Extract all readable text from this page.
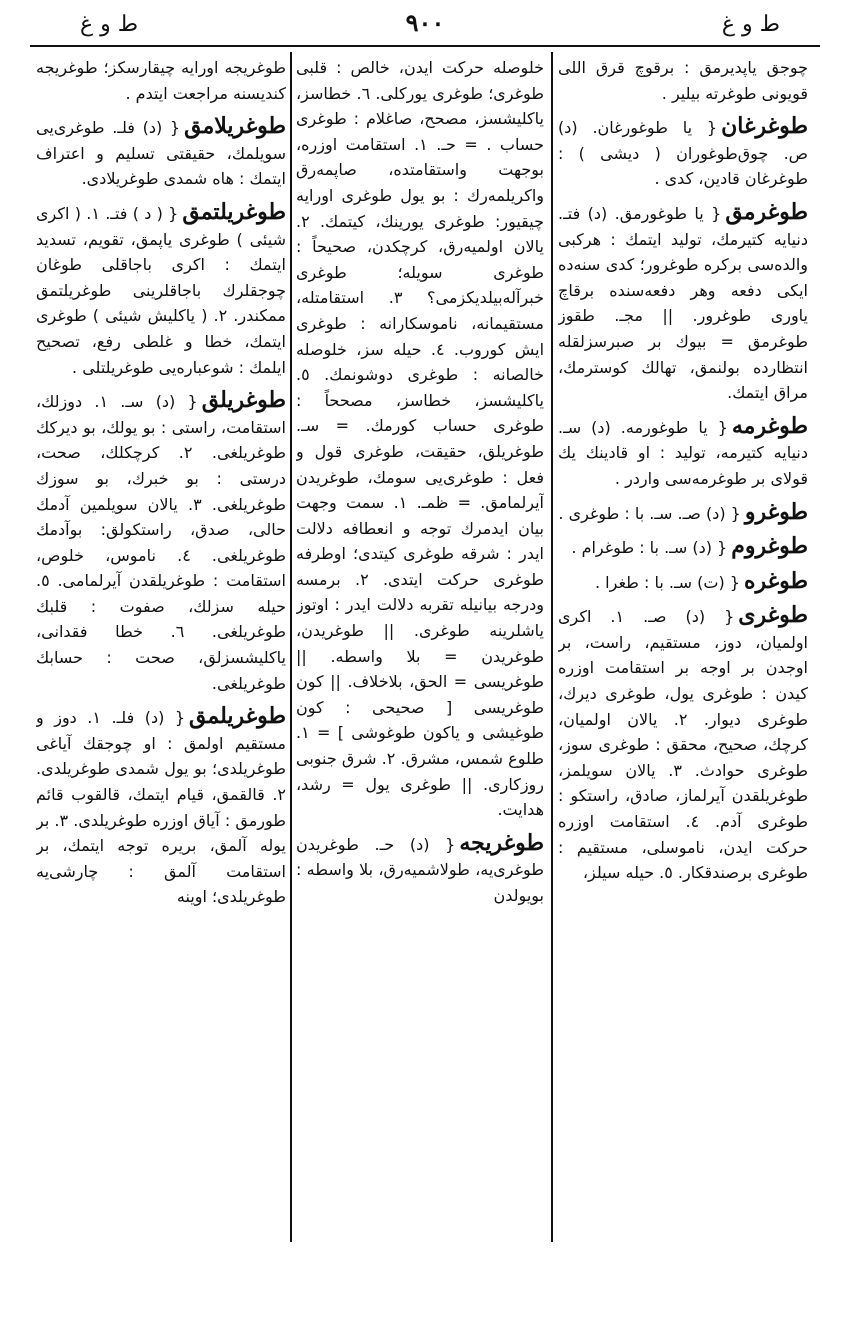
ط و غ
٩٠٠
ط و غ
چوجق یاپدیرمق : برقوچ قرق اللی قویونی طوغرته بیلیر .
طوغرغان{ یا طوغورغان. (د) ص. چوق‌طوغوران ( دیشی ) : طوغرغان قادین، کدی .
طوغرمق{ یا طوغورمق. (د) فتـ. دنیایه کتیرمك، تولید ایتمك : هرکبی والده‌سی برکره طوغرور؛ کدی سنه‌ده ایکی دفعه وهر دفعه‌سنده برقاچ یاوری طوغرور. || مجـ. طقوز طوغرمق = بیوك بر صبرسزلقله انتظارده بولنمق، تهالك کوسترمك، مراق ایتمك.
طوغرمه{ یا طوغورمه. (د) سـ. دنیایه کتیرمه، تولید : او قادینك یك قولای بر طوغرمه‌سی واردر .
طوغرو{ (د) صـ. سـ. با : طوغری .
طوغروم{ (د) سـ. با : طوغرام .
طوغره{ (ت) سـ. با : طغرا .
طوغری{ (د) صـ. ١. اکری اولمیان، دوز، مستقیم، راست، بر اوجدن بر اوجه بر استقامت اوزره کیدن : طوغری یول، طوغری دیرك، طوغری دیوار. ٢. یالان اولمیان، کرچك، صحیح، محقق : طوغری سوز، طوغری حوادث. ٣. یالان سویلمز، طوغریلقدن آیرلماز، صادق، راستکو : طوغری آدم. ٤. استقامت اوزره حرکت ایدن، ناموسلی، مستقیم : طوغری برصندقکار. ٥. حیله سیلز،
خلوصله حرکت ایدن، خالص : قلبی طوغری؛ طوغری یورکلی. ٦. خطاسز، یاکلیشسز، مصحح، صاغلام : طوغری حساب . = حـ. ١. استقامت اوزره، بوجهت واستقامتده، صاپمه‌رق واکریلمه‌رك : بو یول طوغری اورایه چیقیور: طوغری یورینك، کیتمك. ٢. یالان اولمیه‌رق، کرچکدن، صحیحاً : طوغری سویله؛ طوغری خبرآله‌بیلدیکزمی؟ ٣. استقامتله، مستقیمانه، ناموسکارانه : طوغری ایش کوروب. ٤. حیله سز، خلوصله خالصانه : طوغری دوشونمك. ٥. یاکلیشسز، خطاسز، مصححاً : طوغری حساب کورمك. = سـ. طوغریلق، حقیقت، طوغری قول و فعل : طوغری‌یی سومك، طوغریدن آیرلمامق. = ظمـ. ١. سمت وجهت بیان ایدمرك توجه و انعطافه دلالت ایدر : شرقه طوغری کیتدی؛ اوطرفه طوغری حرکت ایتدی. ٢. برمسه ودرجه بیانیله تقربه دلالت ایدر : اوتوز یاشلرینه طوغری. || طوغریدن، طوغریدن = بلا واسطه. || طوغریسی = الحق، بلاخلاف. || کون طوغریسی [ صحیحی : کون طوغیشی و یاکون طوغوشی ] = ١. طلوع شمس، مشرق. ٢. شرق جنوبی روزکاری. || طوغری یول = رشد، هدایت.
طوغریجه{ (د) حـ. طوغریدن طوغری‌یه، طولاشمیه‌رق، بلا واسطه : بویولدن
طوغریجه اورایه چیقارسکز؛ طوغریجه کندیسنه مراجعت ایتدم .
طوغریلامق{ (د) فلـ. طوغری‌یی سویلمك، حقیقتی تسلیم و اعتراف ایتمك : هاه شمدی طوغریلادی.
طوغریلتمق{ ( د ) فتـ. ١. ( اکری شیئی ) طوغری یاپمق، تقویم، تسدید ایتمك : اکری باجاقلی طوغان چوجقلرك باجاقلرینی طوغریلتمق ممکندر. ٢. ( یاکلیش شیئی ) طوغری ایتمك، خطا و غلطی رفع، تصحیح ایلمك : شوعباره‌یی طوغریلتلی .
طوغریلق{ (د) سـ. ١. دوزلك، استقامت، راستی : بو یولك، بو دیرکك طوغریلغی. ٢. کرچکلك، صحت، درستی : بو خبرك، بو سوزك طوغریلغی. ٣. یالان سویلمین آدمك حالی، صدق، راستکولق: بوآدمك طوغریلغی. ٤. ناموس، خلوص، استقامت : طوغریلقدن آیرلمامی. ٥. حیله سزلك، صفوت : قلبك طوغریلغی. ٦. خطا فقدانی، یاکلیشسزلق، صحت : حسابك طوغریلغی.
طوغریلمق{ (د) فلـ. ١. دوز و مستقیم اولمق : او چوجقك آیاغی طوغریلدی؛ بو یول شمدی طوغریلدی. ٢. قالقمق، قیام ایتمك، قالقوب قائم طورمق : آیاق اوزره طوغریلدی. ٣. بر یوله آلمق، بریره توجه ایتمك، بر استقامت آلمق : چارشی‌یه طوغریلدی؛ اوینه
